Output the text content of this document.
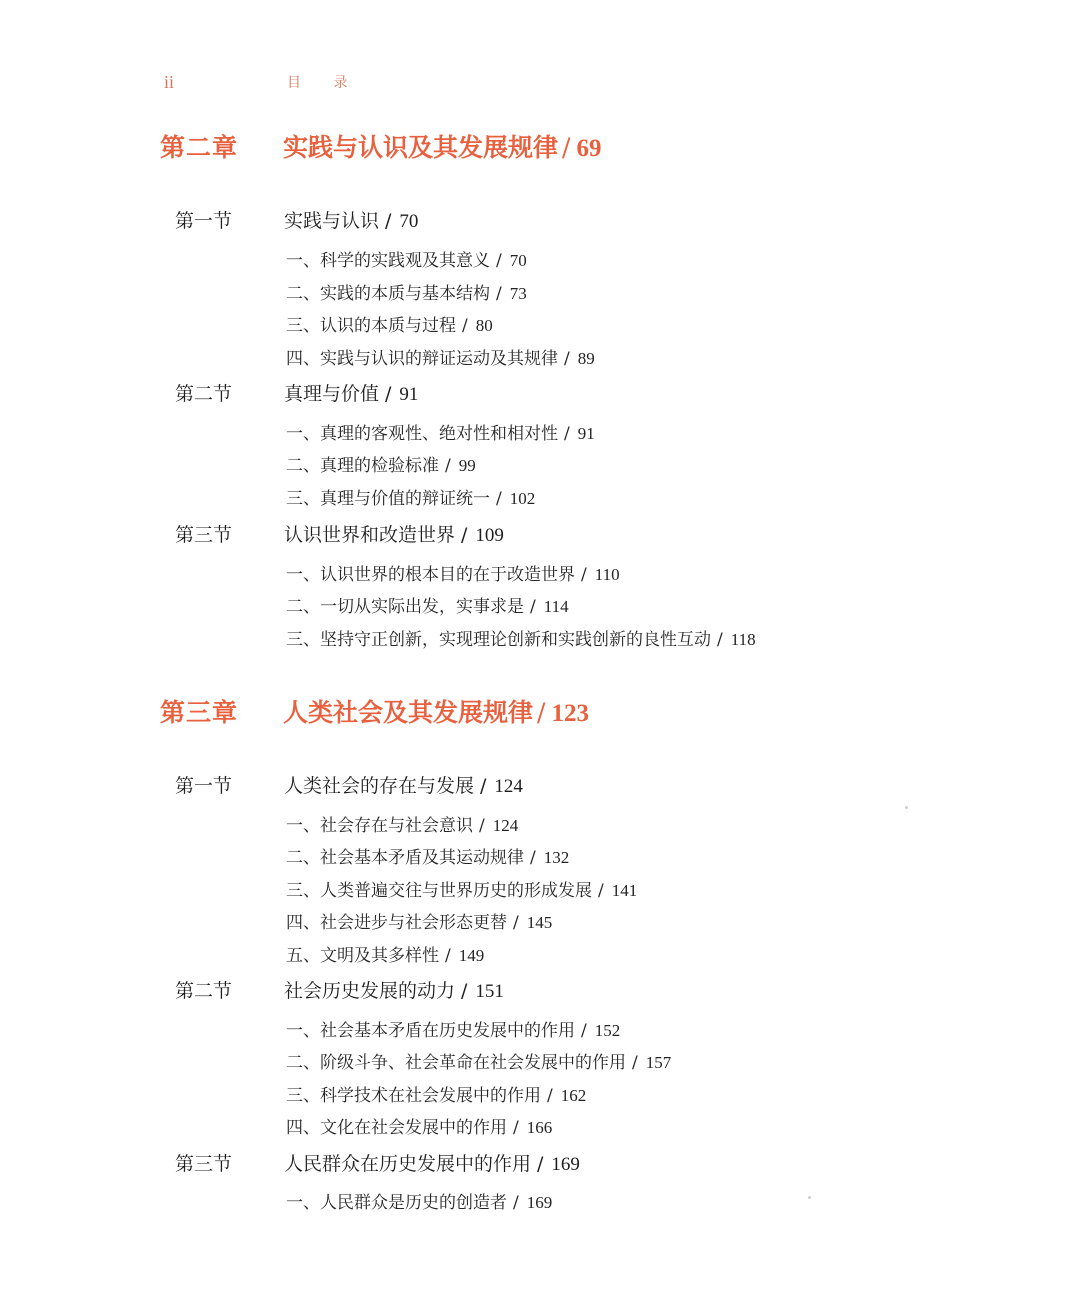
ii	目 录
第二章 实践与认识及其发展规律 / 69
第一节	实践与认识 / 70
一、科学的实践观及其意义 / 70
二、实践的本质与基本结构 / 73
三、认识的本质与过程 / 80
四、实践与认识的辩证运动及其规律 / 89
第二节	真理与价值 / 91
一、真理的客观性、绝对性和相对性 / 91
二、真理的检验标准 / 99
三、真理与价值的辩证统一 / 102
第三节	认识世界和改造世界 / 109
一、认识世界的根本目的在于改造世界 / 110
二、一切从实际出发，实事求是 / 114
三、坚持守正创新，实现理论创新和实践创新的良性互动 / 118
第三章 人类社会及其发展规律 / 123
第一节	人类社会的存在与发展 / 124
一、社会存在与社会意识 / 124
二、社会基本矛盾及其运动规律 / 132
三、人类普遍交往与世界历史的形成发展 / 141
四、社会进步与社会形态更替 / 145
五、文明及其多样性 / 149
第二节	社会历史发展的动力 / 151
一、社会基本矛盾在历史发展中的作用 / 152
二、阶级斗争、社会革命在社会发展中的作用 / 157
三、科学技术在社会发展中的作用 / 162
四、文化在社会发展中的作用 / 166
第三节	人民群众在历史发展中的作用 / 169
一、人民群众是历史的创造者 / 169
